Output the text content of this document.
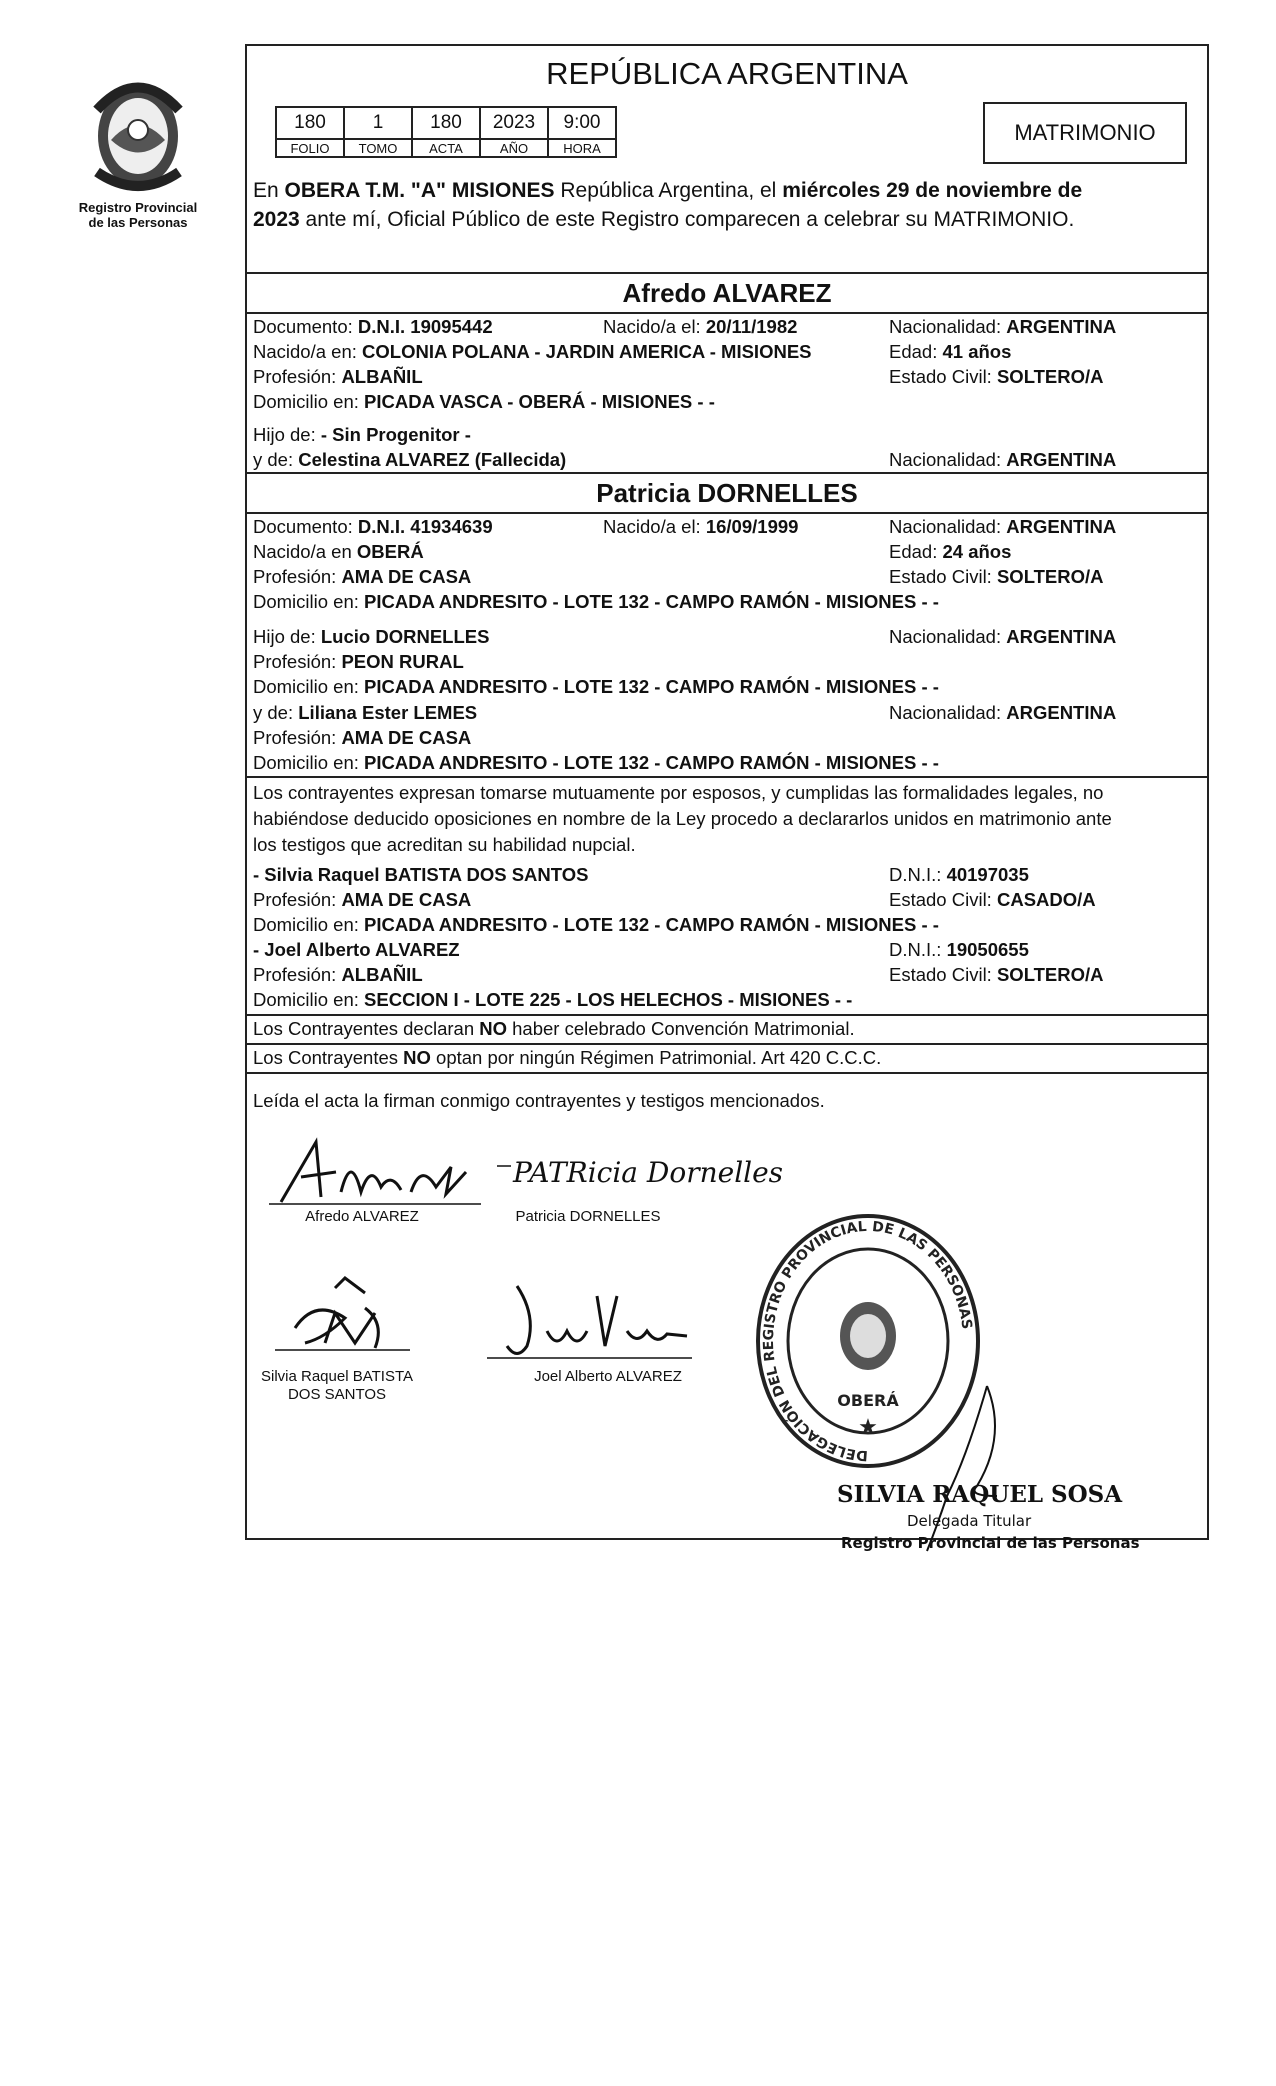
Registro Provincial
de las Personas
REPÚBLICA ARGENTINA
180	1	180	2023	9:00
FOLIO	TOMO	ACTA	AÑO	HORA
MATRIMONIO
En OBERA T.M. "A" MISIONES República Argentina, el miércoles 29 de noviembre de
2023 ante mí, Oficial Público de este Registro comparecen a celebrar su MATRIMONIO.
Afredo ALVAREZ
Documento: D.N.I. 19095442	Nacido/a el: 20/11/1982	Nacionalidad: ARGENTINA
Nacido/a en: COLONIA POLANA - JARDIN AMERICA - MISIONES	Edad: 41 años
Profesión: ALBAÑIL	Estado Civil: SOLTERO/A
Domicilio en: PICADA VASCA - OBERÁ - MISIONES - -
Hijo de: - Sin Progenitor -
y de: Celestina ALVAREZ (Fallecida)	Nacionalidad: ARGENTINA
Patricia DORNELLES
Documento: D.N.I. 41934639	Nacido/a el: 16/09/1999	Nacionalidad: ARGENTINA
Nacido/a en OBERÁ	Edad: 24 años
Profesión: AMA DE CASA	Estado Civil: SOLTERO/A
Domicilio en: PICADA ANDRESITO - LOTE 132 - CAMPO RAMÓN - MISIONES - -
Hijo de: Lucio DORNELLES	Nacionalidad: ARGENTINA
Profesión: PEON RURAL
Domicilio en: PICADA ANDRESITO - LOTE 132 - CAMPO RAMÓN - MISIONES - -
y de: Liliana Ester LEMES	Nacionalidad: ARGENTINA
Profesión: AMA DE CASA
Domicilio en: PICADA ANDRESITO - LOTE 132 - CAMPO RAMÓN - MISIONES - -
Los contrayentes expresan tomarse mutuamente por esposos, y cumplidas las formalidades legales, no
habiéndose deducido oposiciones en nombre de la Ley procedo a declararlos unidos en matrimonio ante
los testigos que acreditan su habilidad nupcial.
- Silvia Raquel BATISTA DOS SANTOS	D.N.I.: 40197035
Profesión: AMA DE CASA	Estado Civil: CASADO/A
Domicilio en: PICADA ANDRESITO - LOTE 132 - CAMPO RAMÓN - MISIONES - -
- Joel Alberto ALVAREZ	D.N.I.: 19050655
Profesión: ALBAÑIL	Estado Civil: SOLTERO/A
Domicilio en: SECCION I - LOTE 225 - LOS HELECHOS - MISIONES - -
Los Contrayentes declaran NO haber celebrado Convención Matrimonial.
Los Contrayentes NO optan por ningún Régimen Patrimonial. Art 420 C.C.C.
Leída el acta la firman conmigo contrayentes y testigos mencionados.
Afredo ALVAREZ
PATRicia Dornelles
Patricia DORNELLES
Silvia Raquel BATISTA
DOS SANTOS
Joel Alberto ALVAREZ
DELEGACIÓN DEL REGISTRO PROVINCIAL DE LAS PERSONAS
OBERÁ
★
SILVIA RAQUEL SOSA
Delegada Titular
Registro Provincial de las Personas
